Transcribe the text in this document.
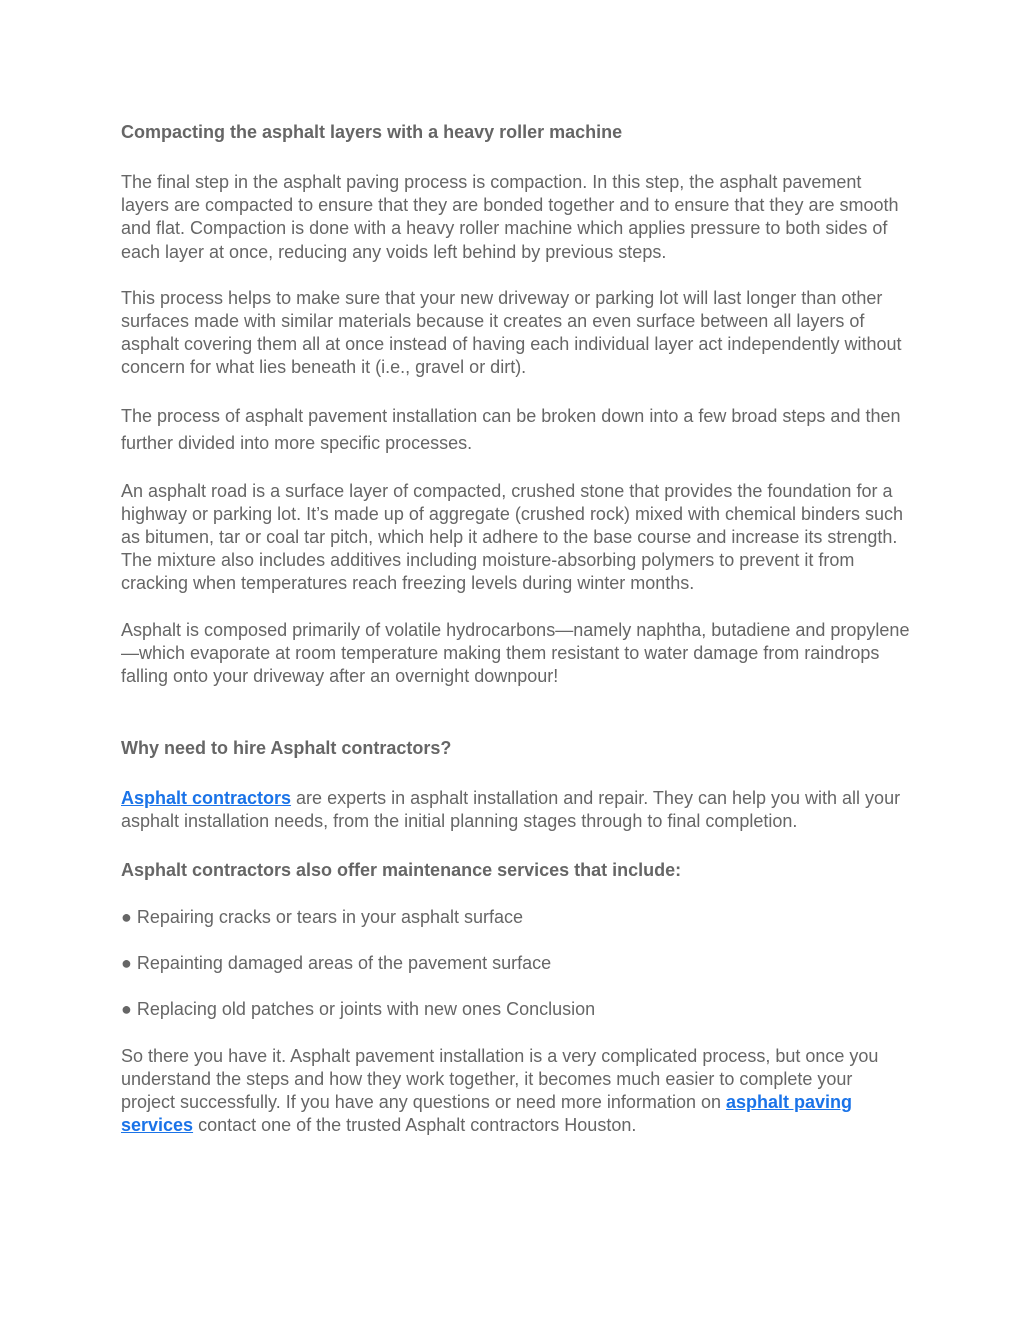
Compacting the asphalt layers with a heavy roller machine

The final step in the asphalt paving process is compaction. In this step, the asphalt pavement layers are compacted to ensure that they are bonded together and to ensure that they are smooth and flat. Compaction is done with a heavy roller machine which applies pressure to both sides of each layer at once, reducing any voids left behind by previous steps.

This process helps to make sure that your new driveway or parking lot will last longer than other surfaces made with similar materials because it creates an even surface between all layers of asphalt covering them all at once instead of having each individual layer act independently without concern for what lies beneath it (i.e., gravel or dirt).

The process of asphalt pavement installation can be broken down into a few broad steps and then further divided into more specific processes.

An asphalt road is a surface layer of compacted, crushed stone that provides the foundation for a highway or parking lot. It’s made up of aggregate (crushed rock) mixed with chemical binders such as bitumen, tar or coal tar pitch, which help it adhere to the base course and increase its strength. The mixture also includes additives including moisture-absorbing polymers to prevent it from cracking when temperatures reach freezing levels during winter months.

Asphalt is composed primarily of volatile hydrocarbons—namely naphtha, butadiene and propylene—which evaporate at room temperature making them resistant to water damage from raindrops falling onto your driveway after an overnight downpour!

Why need to hire Asphalt contractors?

Asphalt contractors are experts in asphalt installation and repair. They can help you with all your asphalt installation needs, from the initial planning stages through to final completion.

Asphalt contractors also offer maintenance services that include:

● Repairing cracks or tears in your asphalt surface

● Repainting damaged areas of the pavement surface

● Replacing old patches or joints with new ones Conclusion

So there you have it. Asphalt pavement installation is a very complicated process, but once you understand the steps and how they work together, it becomes much easier to complete your project successfully. If you have any questions or need more information on asphalt paving services contact one of the trusted Asphalt contractors Houston.
